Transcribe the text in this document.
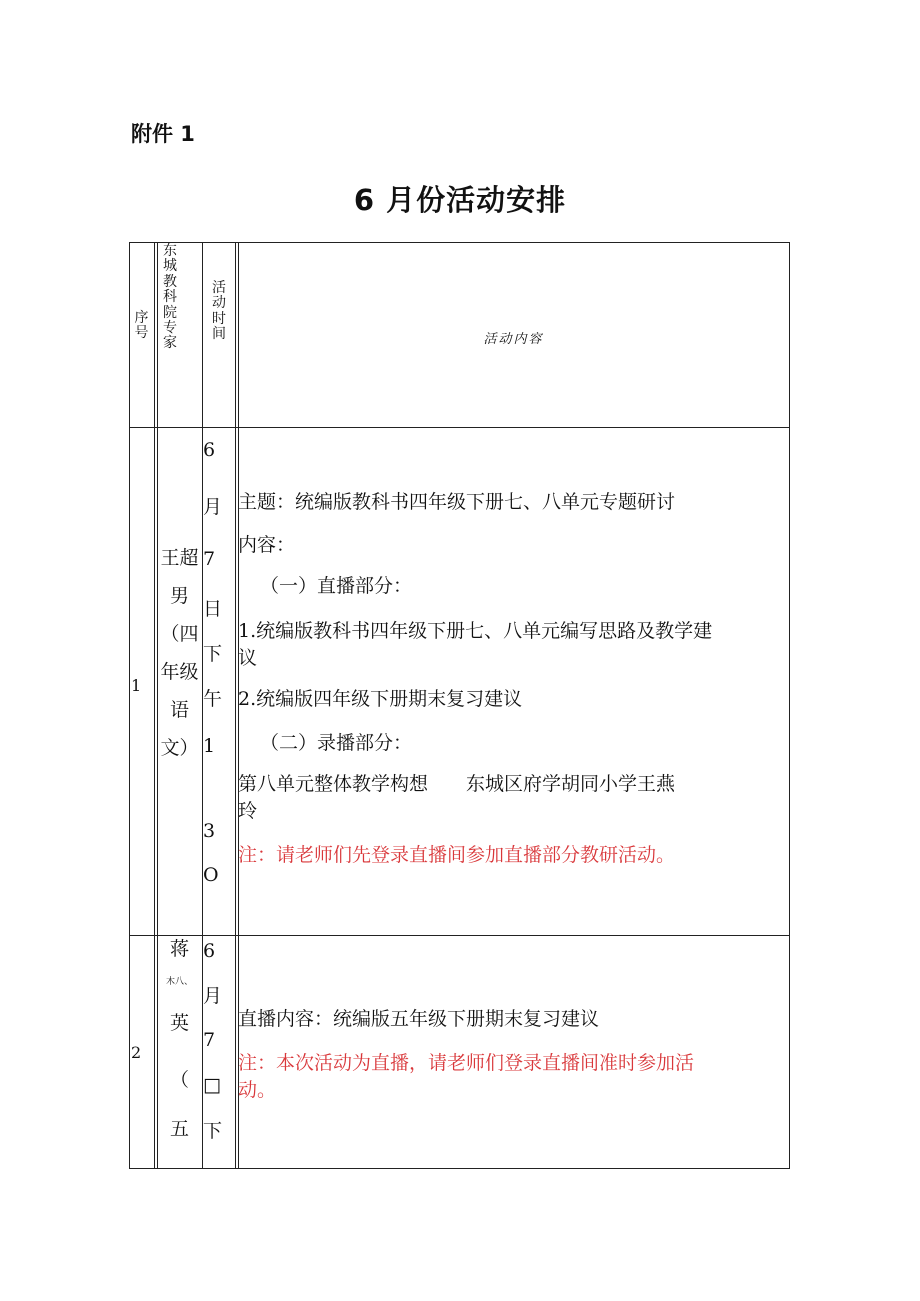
附件 1
6 月份活动安排
序
号
东
城
教
科
院
专
家
活
动
时
间	活动内容
1
王超
男
（四
年级
语
文）
6
月
7
日
下
午
1
3
O
主题：统编版教科书四年级下册七、八单元专题研讨
内容：
（一）直播部分：
1.统编版教科书四年级下册七、八单元编写思路及教学建
议
2.统编版四年级下册期末复习建议
（二）录播部分：
第八单元整体教学构想　　东城区府学胡同小学王燕
玲
注：请老师们先登录直播间参加直播部分教研活动。
2
蒋
木八、
英
（
五
6
月
7
□
下
直播内容：统编版五年级下册期末复习建议
注：本次活动为直播，请老师们登录直播间准时参加活
动。
